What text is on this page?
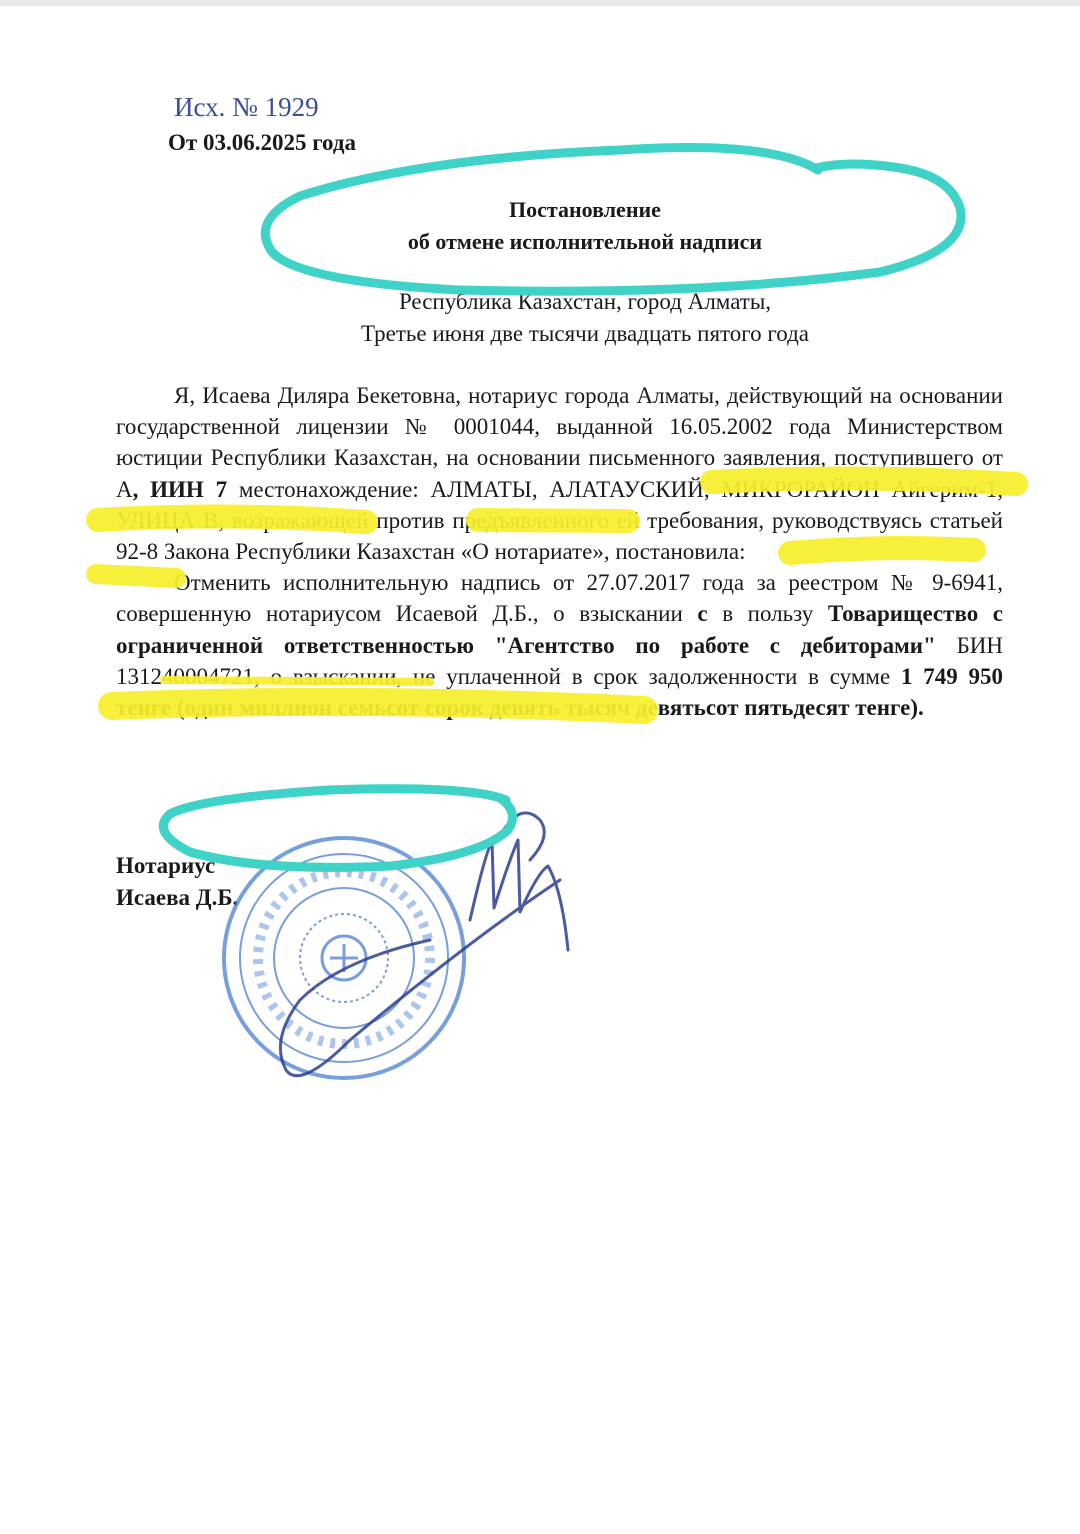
Исх. № 1929
От 03.06.2025 года
Постановление
об отмене исполнительной надписи
Республика Казахстан, город Алматы,
Третье июня две тысячи двадцать пятого года

Я, Исаева Диляра Бекетовна, нотариус города Алматы, действующий на основании государственной лицензии № 0001044, выданной 16.05.2002 года Министерством юстиции Республики Казахстан, на основании письменного заявления, поступившего от А, ИИН 7 местонахождение: АЛМАТЫ, АЛАТАУСКИЙ, МИКРОРАЙОН Айгерим-1, УЛИЦА В, возражающей против предъявленного ей требования, руководствуясь статьей 92-8 Закона Республики Казахстан «О нотариате», постановила:

Отменить исполнительную надпись от 27.07.2017 года за реестром № 9-6941, совершенную нотариусом Исаевой Д.Б., о взыскании с в пользу Товарищество с ограниченной ответственностью "Агентство по работе с дебиторами" БИН 131240004721, о взыскании, не уплаченной в срок задолженности в сумме 1 749 950 тенге (один миллион семьсот сорок девять тысяч девятьсот пятьдесят тенге).

Нотариус
Исаева Д.Б.
